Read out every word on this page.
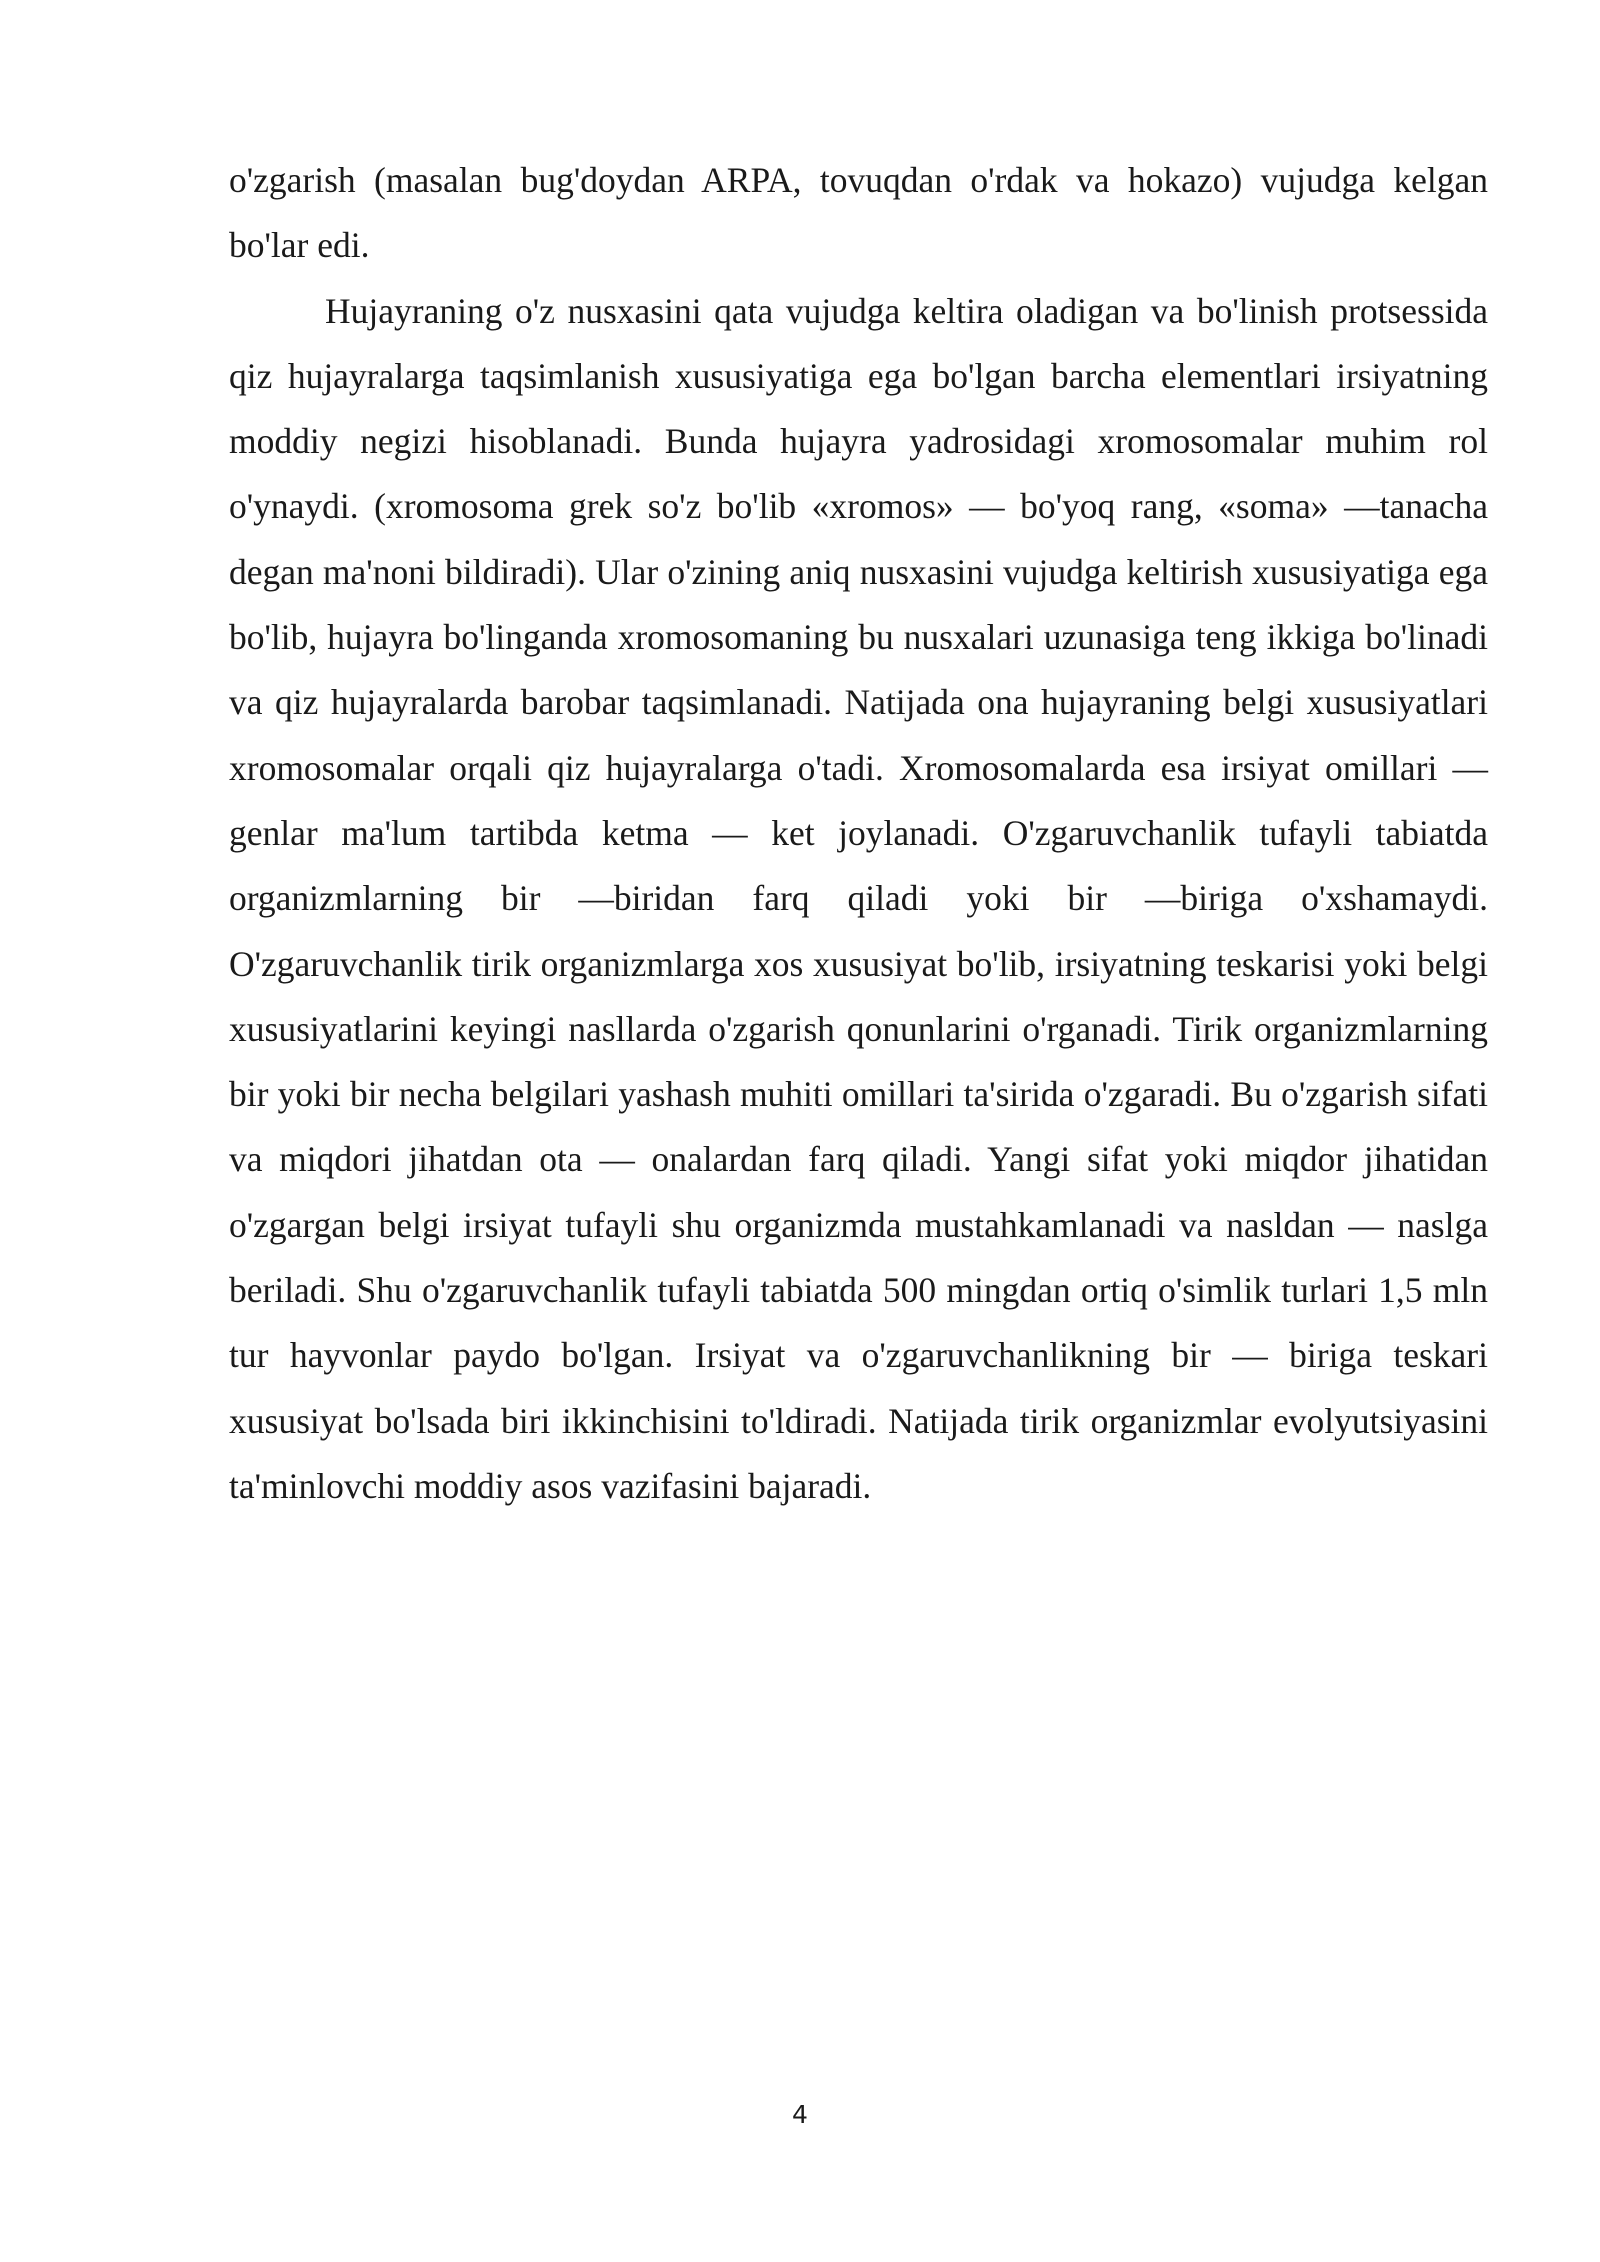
o'zgarish (masalan bug'doydan ARPA, tovuqdan o'rdak va hokazo) vujudga kelgan bo'lar edi.

Hujayraning o'z nusxasini qata vujudga keltira oladigan va bo'linish protsessida qiz hujayralarga taqsimlanish xususiyatiga ega bo'lgan barcha elementlari irsiyatning moddiy negizi hisoblanadi. Bunda hujayra yadrosidagi xromosomalar muhim rol o'ynaydi. (xromosoma grek so'z bo'lib «xromos» — bo'yoq rang, «soma» —tanacha degan ma'noni bildiradi). Ular o'zining aniq nusxasini vujudga keltirish xususiyatiga ega bo'lib, hujayra bo'linganda xromosomaning bu nusxalari uzunasiga teng ikkiga bo'linadi va qiz hujayralarda barobar taqsimlanadi. Natijada ona hujayraning belgi xususiyatlari xromosomalar orqali qiz hujayralarga o'tadi. Xromosomalarda esa irsiyat omillari — genlar ma'lum tartibda ketma — ket joylanadi. O'zgaruvchanlik tufayli tabiatda organizmlarning bir —biridan farq qiladi yoki bir —biriga o'xshamaydi. O'zgaruvchanlik tirik organizmlarga xos xususiyat bo'lib, irsiyatning teskarisi yoki belgi xususiyatlarini keyingi nasllarda o'zgarish qonunlarini o'rganadi. Tirik organizmlarning bir yoki bir necha belgilari yashash muhiti omillari ta'sirida o'zgaradi. Bu o'zgarish sifati va miqdori jihatdan ota — onalardan farq qiladi. Yangi sifat yoki miqdor jihatidan o'zgargan belgi irsiyat tufayli shu organizmda mustahkamlanadi va nasldan — naslga beriladi. Shu o'zgaruvchanlik tufayli tabiatda 500 mingdan ortiq o'simlik turlari 1,5 mln tur hayvonlar paydo bo'lgan. Irsiyat va o'zgaruvchanlikning bir — biriga teskari xususiyat bo'lsada biri ikkinchisini to'ldiradi. Natijada tirik organizmlar evolyutsiyasini ta'minlovchi moddiy asos vazifasini bajaradi.

4
